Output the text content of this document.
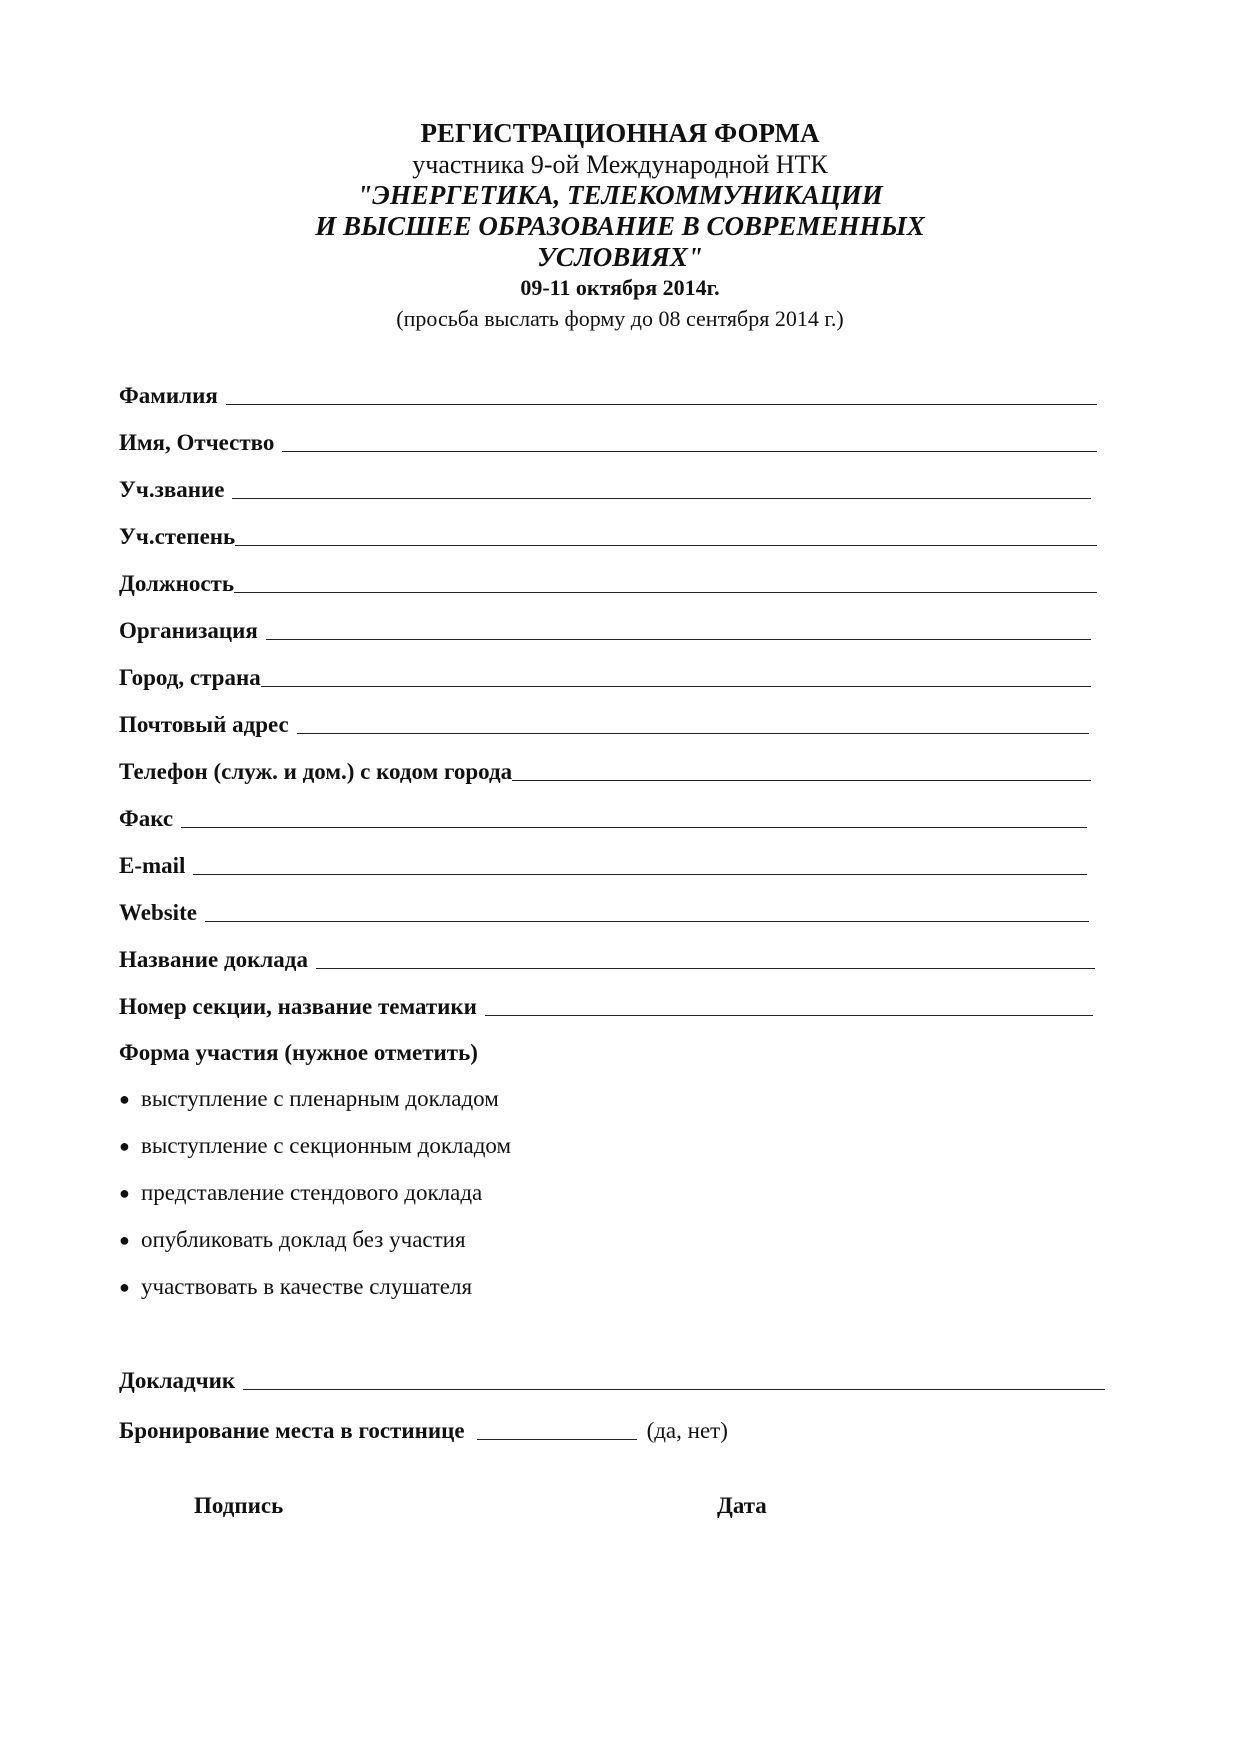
РЕГИСТРАЦИОННАЯ ФОРМА
участника 9-ой Международной НТК
"ЭНЕРГЕТИКА, ТЕЛЕКОММУНИКАЦИИ
И ВЫСШЕЕ ОБРАЗОВАНИЕ В СОВРЕМЕННЫХ
УСЛОВИЯХ"
09-11 октября 2014г.
(просьба выслать форму до 08 сентября 2014 г.)
Фамилия
Имя, Отчество
Уч.звание
Уч.степень
Должность
Организация
Город, страна
Почтовый адрес
Телефон (служ. и дом.) с кодом города
Факс
E-mail
Website
Название доклада
Номер секции, название тематики
Форма участия (нужное отметить)
● выступление с пленарным докладом
● выступление с секционным докладом
● представление стендового доклада
● опубликовать доклад без участия
● участвовать в качестве слушателя
Докладчик
Бронирование места в гостинице	(да, нет)
Подпись	Дата
